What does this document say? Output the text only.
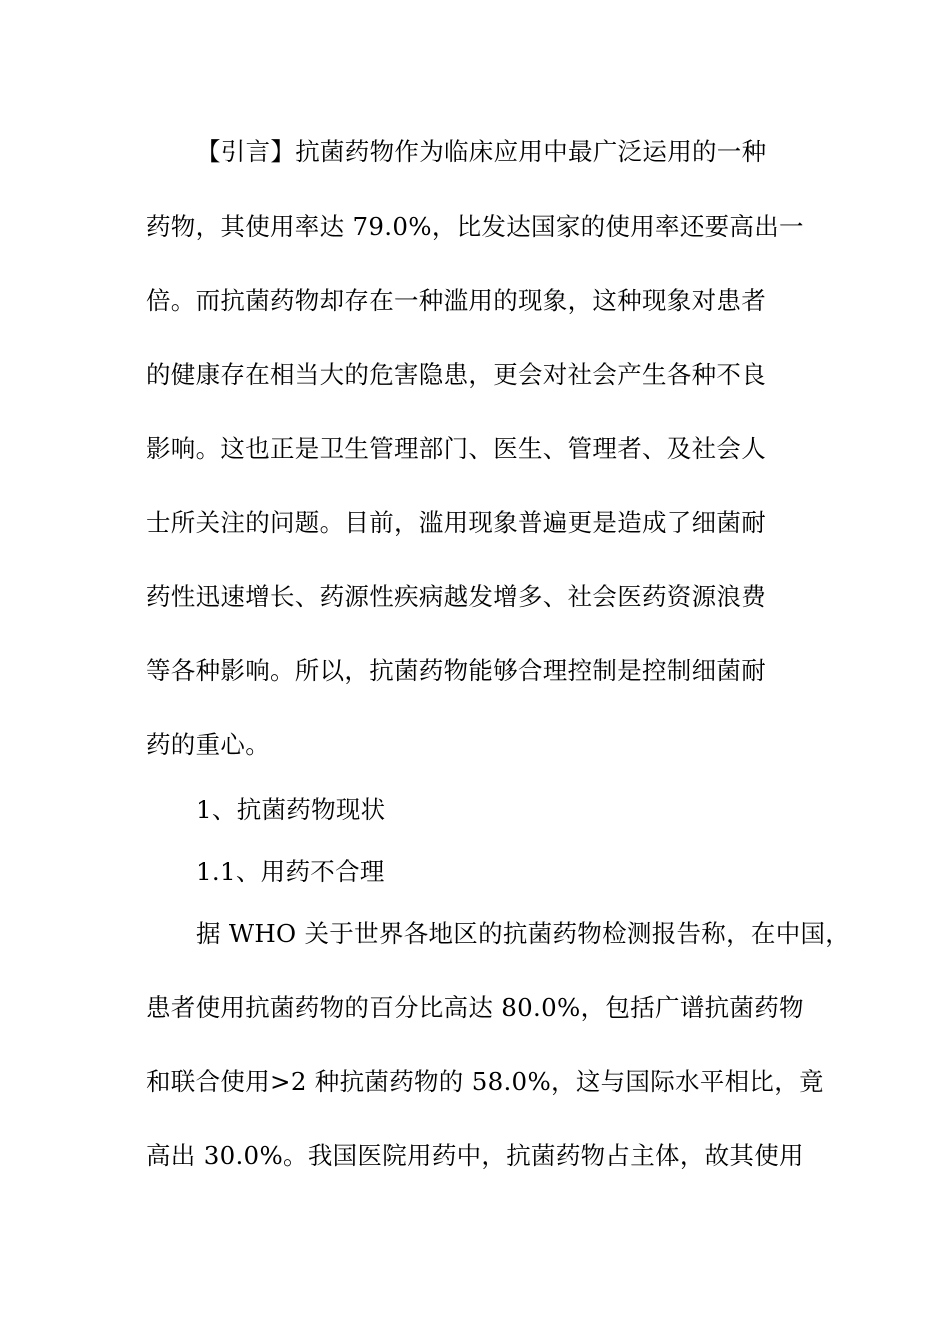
【引言】抗菌药物作为临床应用中最广泛运用的一种
药物，其使用率达 79.0%，比发达国家的使用率还要高出一
倍。而抗菌药物却存在一种滥用的现象，这种现象对患者
的健康存在相当大的危害隐患，更会对社会产生各种不良
影响。这也正是卫生管理部门、医生、管理者、及社会人
士所关注的问题。目前，滥用现象普遍更是造成了细菌耐
药性迅速增长、药源性疾病越发增多、社会医药资源浪费
等各种影响。所以，抗菌药物能够合理控制是控制细菌耐
药的重心。
1、抗菌药物现状
1.1、用药不合理
据 WHO 关于世界各地区的抗菌药物检测报告称，在中国，
患者使用抗菌药物的百分比高达 80.0%，包括广谱抗菌药物
和联合使用>2 种抗菌药物的 58.0%，这与国际水平相比，竟
高出 30.0%。我国医院用药中，抗菌药物占主体，故其使用
